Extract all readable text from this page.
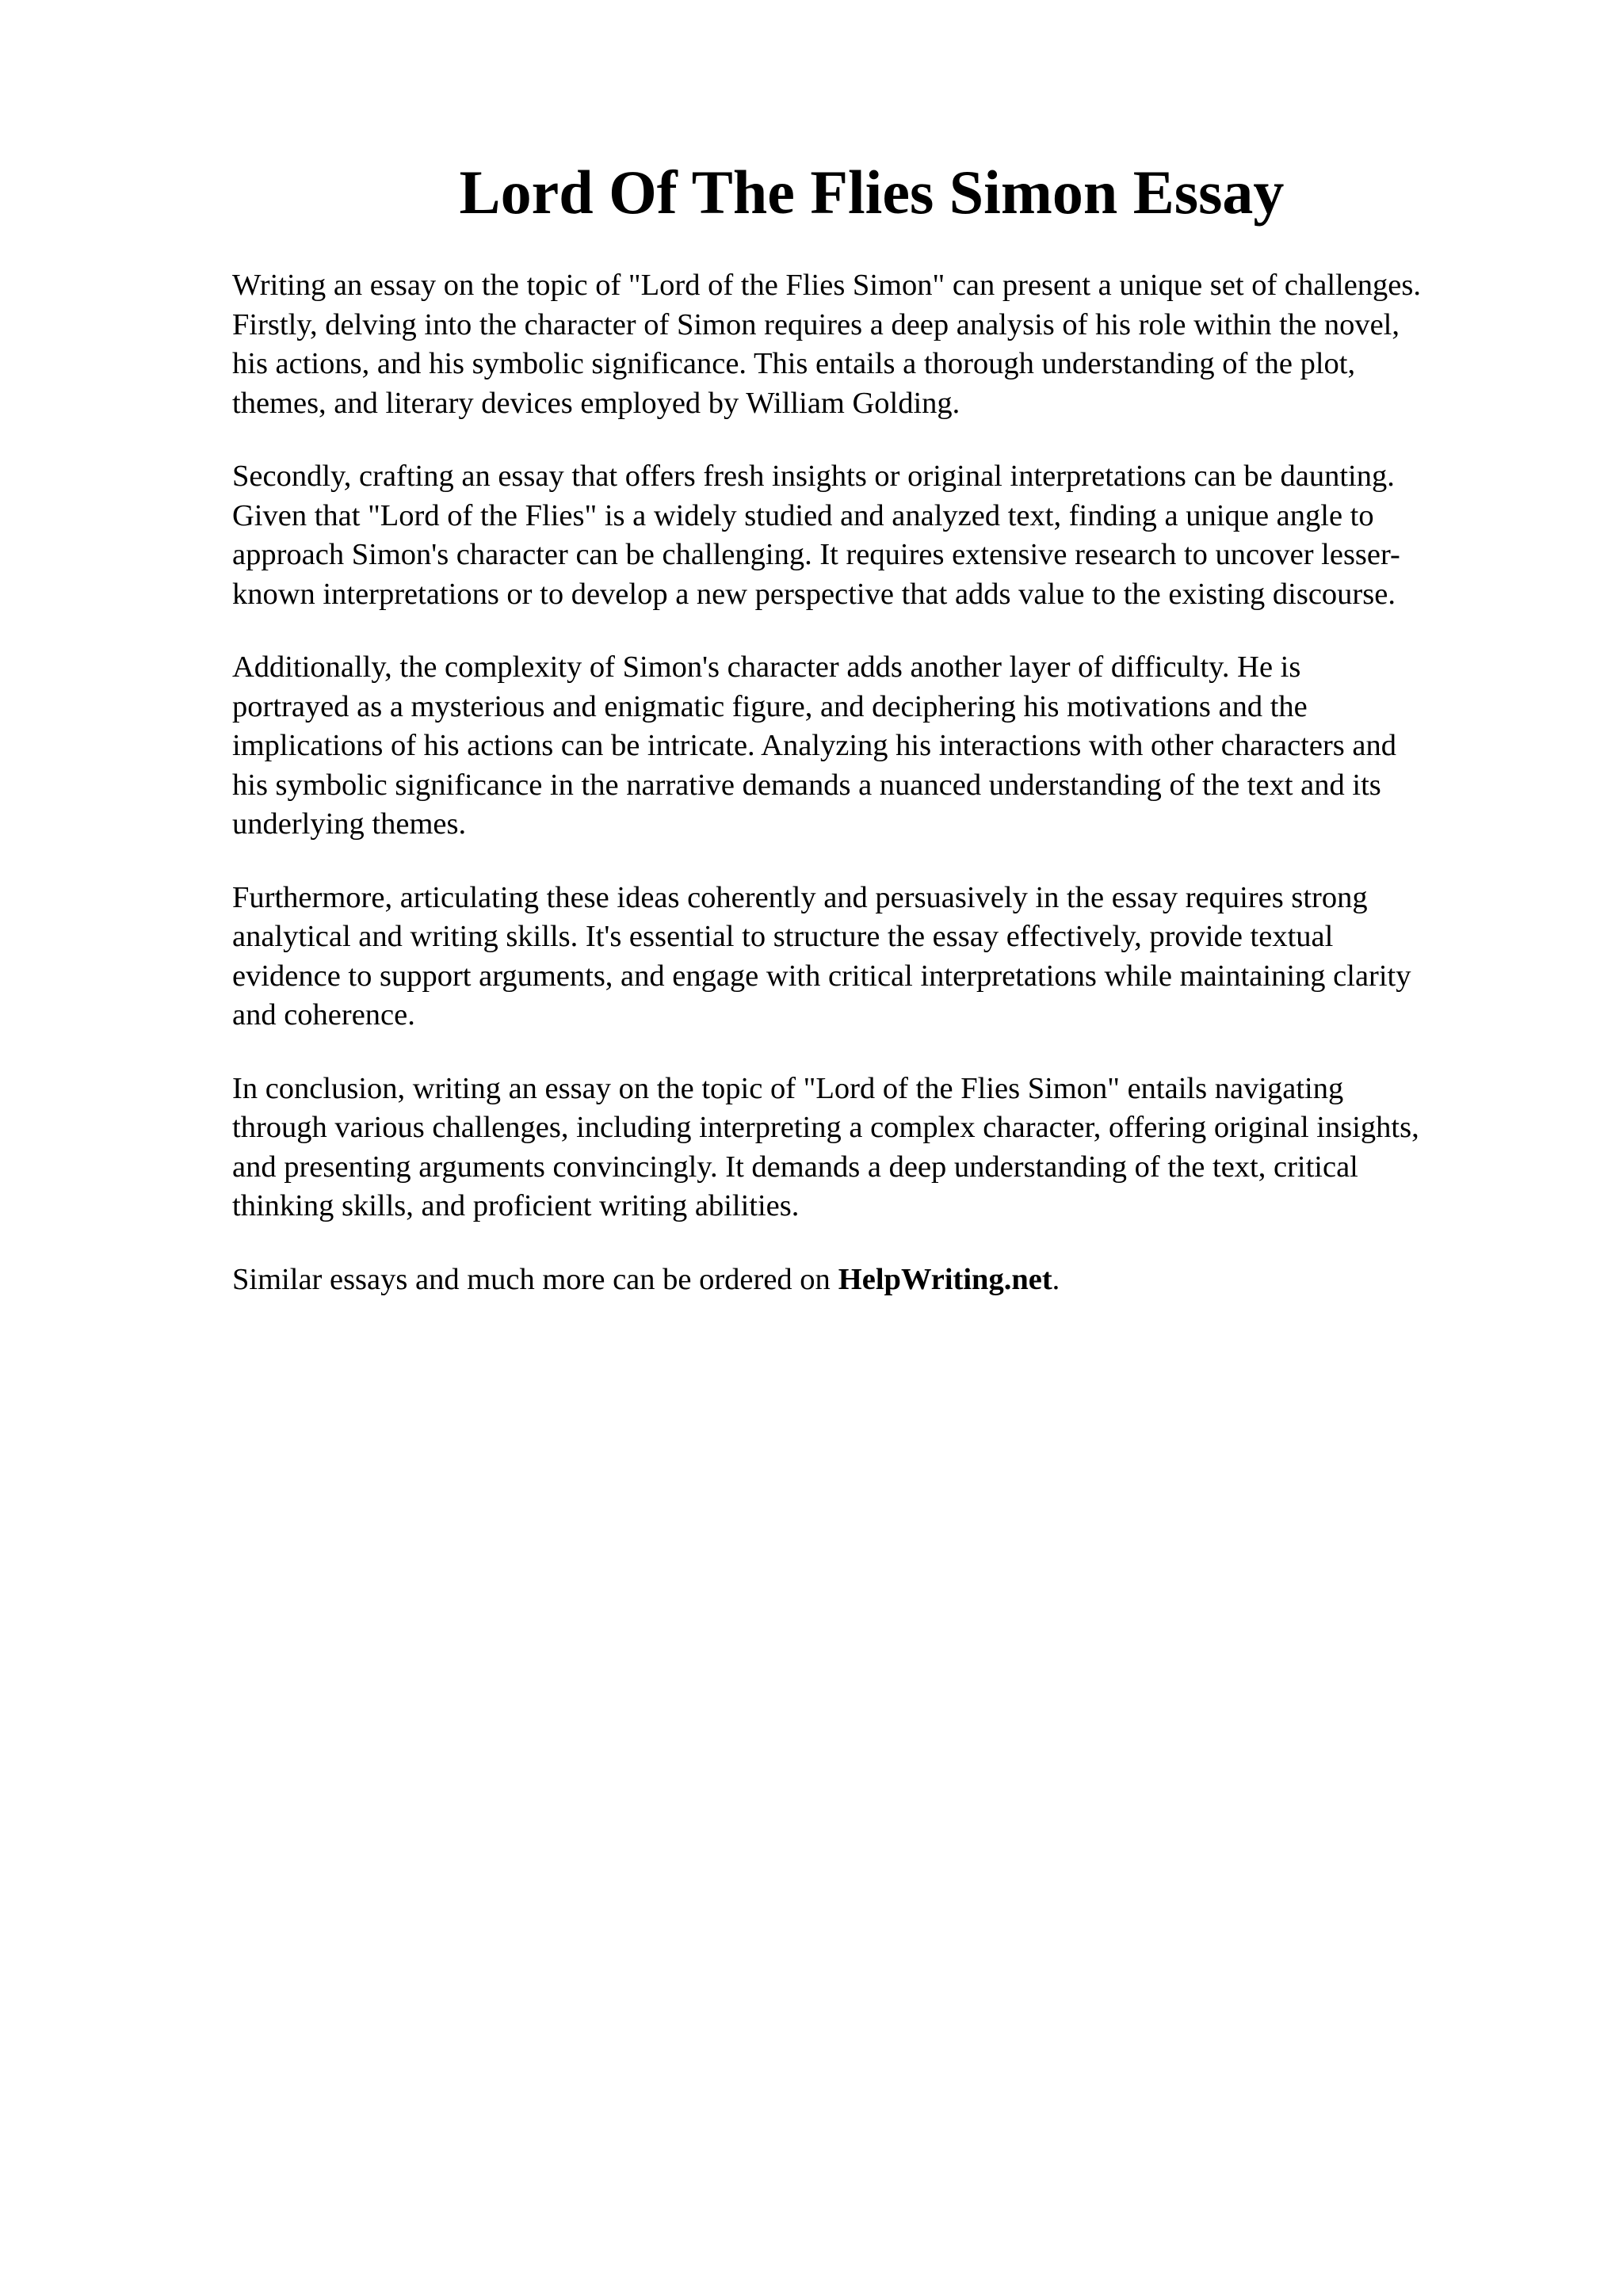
Lord Of The Flies Simon Essay

Writing an essay on the topic of "Lord of the Flies Simon" can present a unique set of challenges.
Firstly, delving into the character of Simon requires a deep analysis of his role within the novel,
his actions, and his symbolic significance. This entails a thorough understanding of the plot,
themes, and literary devices employed by William Golding.

Secondly, crafting an essay that offers fresh insights or original interpretations can be daunting.
Given that "Lord of the Flies" is a widely studied and analyzed text, finding a unique angle to
approach Simon's character can be challenging. It requires extensive research to uncover lesser-
known interpretations or to develop a new perspective that adds value to the existing discourse.

Additionally, the complexity of Simon's character adds another layer of difficulty. He is
portrayed as a mysterious and enigmatic figure, and deciphering his motivations and the
implications of his actions can be intricate. Analyzing his interactions with other characters and
his symbolic significance in the narrative demands a nuanced understanding of the text and its
underlying themes.

Furthermore, articulating these ideas coherently and persuasively in the essay requires strong
analytical and writing skills. It's essential to structure the essay effectively, provide textual
evidence to support arguments, and engage with critical interpretations while maintaining clarity
and coherence.

In conclusion, writing an essay on the topic of "Lord of the Flies Simon" entails navigating
through various challenges, including interpreting a complex character, offering original insights,
and presenting arguments convincingly. It demands a deep understanding of the text, critical
thinking skills, and proficient writing abilities.

Similar essays and much more can be ordered on HelpWriting.net.
